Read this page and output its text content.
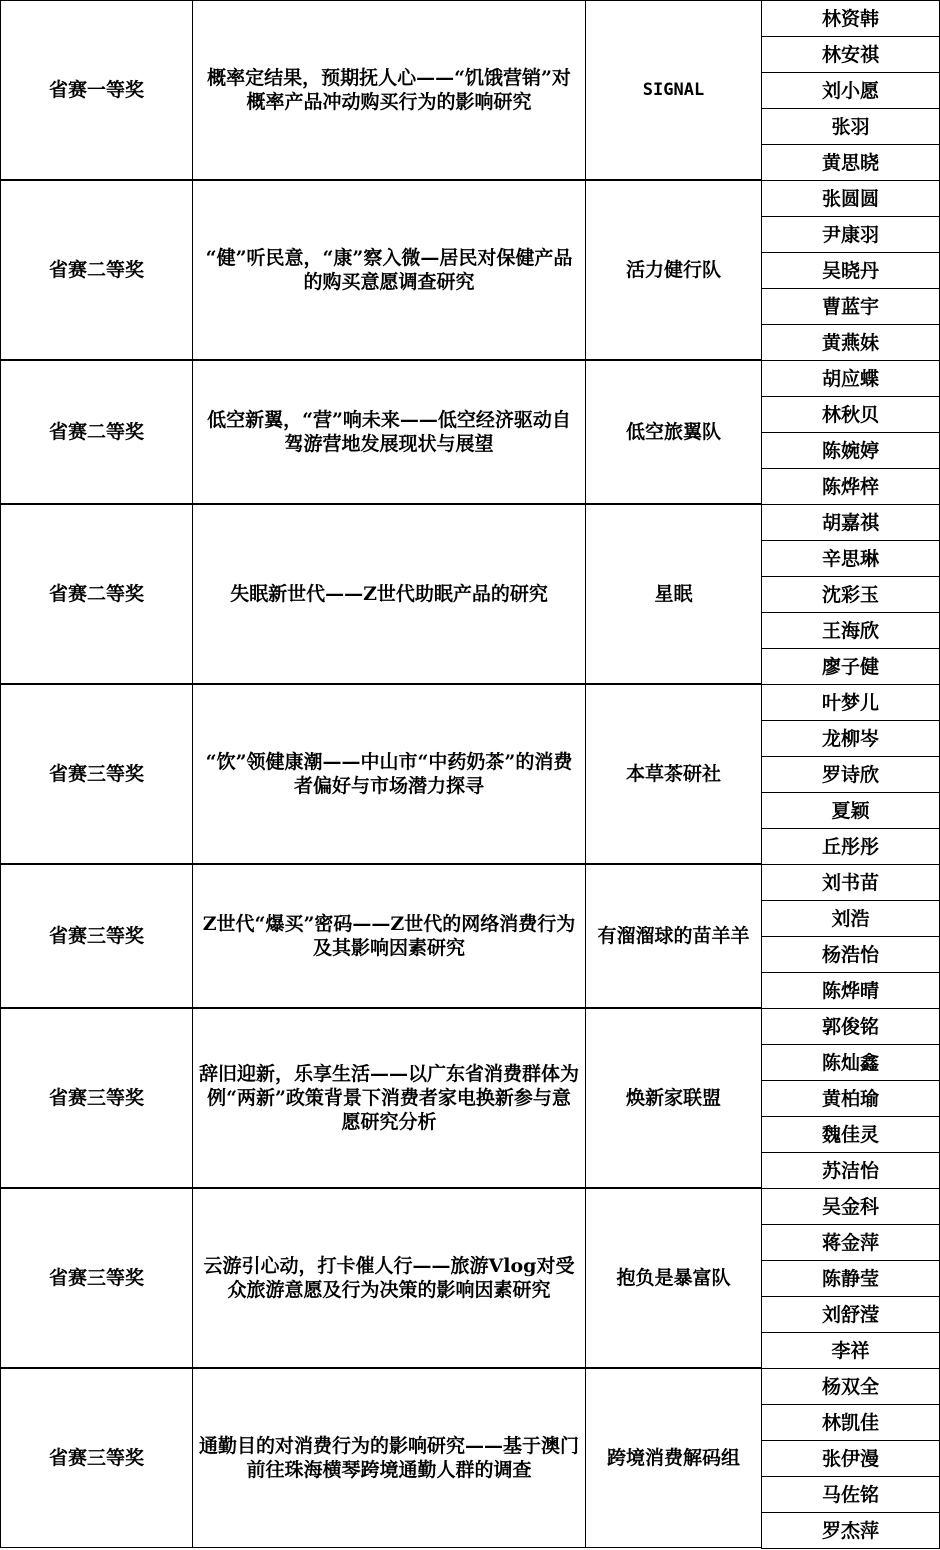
省赛一等奖
概率定结果，预期抚人心——“饥饿营销”对概率产品冲动购买行为的影响研究
SIGNAL
林资韩
林安祺
刘小愿
张羽
黄思晓
省赛二等奖
“健”听民意，“康”察入微—居民对保健产品的购买意愿调查研究
活力健行队
张圆圆
尹康羽
吴晓丹
曹蓝宇
黄燕妹
省赛二等奖
低空新翼，“营”响未来——低空经济驱动自驾游营地发展现状与展望
低空旅翼队
胡应蝶
林秋贝
陈婉婷
陈烨梓
省赛二等奖	失眠新世代——Z世代助眠产品的研究	星眠
胡嘉祺
辛思琳
沈彩玉
王海欣
廖子健
省赛三等奖
“饮”领健康潮——中山市“中药奶茶”的消费者偏好与市场潜力探寻
本草茶研社
叶梦儿
龙柳岑
罗诗欣
夏颖
丘彤彤
省赛三等奖
Z世代“爆买”密码——Z世代的网络消费行为及其影响因素研究
有溜溜球的苗羊羊
刘书苗
刘浩
杨浩怡
陈烨晴
省赛三等奖
辞旧迎新，乐享生活——以广东省消费群体为例“两新”政策背景下消费者家电换新参与意愿研究分析
焕新家联盟
郭俊铭
陈灿鑫
黄柏瑜
魏佳灵
苏洁怡
省赛三等奖
云游引心动，打卡催人行——旅游Vlog对受众旅游意愿及行为决策的影响因素研究
抱负是暴富队
吴金科
蒋金萍
陈静莹
刘舒滢
李祥
省赛三等奖
通勤目的对消费行为的影响研究——基于澳门前往珠海横琴跨境通勤人群的调查
跨境消费解码组
杨双全
林凯佳
张伊漫
马佐铭
罗杰萍
